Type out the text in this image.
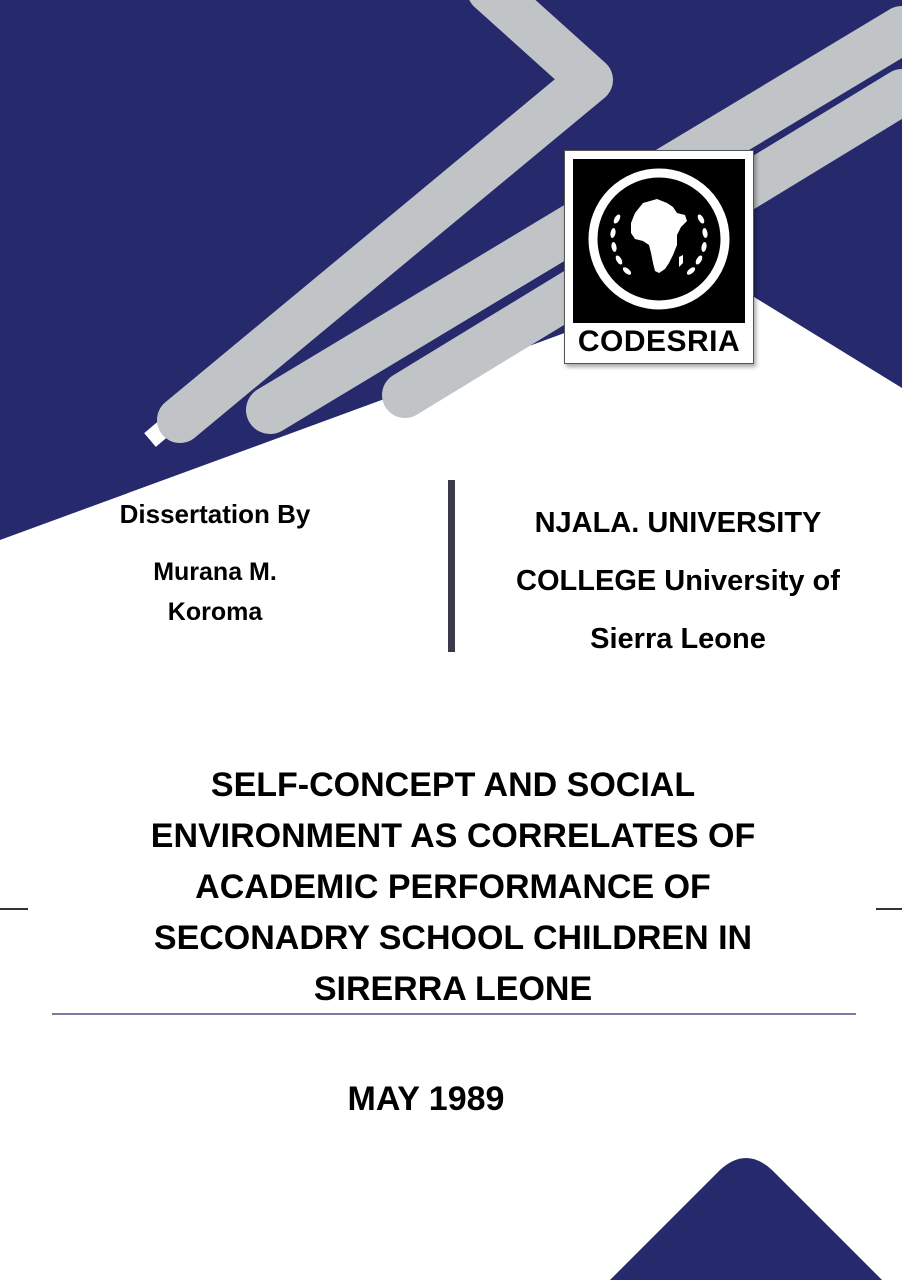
CODESRIA
Dissertation By
Murana M.
Koroma
NJALA. UNIVERSITY
COLLEGE University of
Sierra Leone
SELF-CONCEPT AND SOCIAL
ENVIRONMENT AS CORRELATES OF
ACADEMIC PERFORMANCE OF
SECONADRY SCHOOL CHILDREN IN
SIRERRA LEONE
MAY 1989
